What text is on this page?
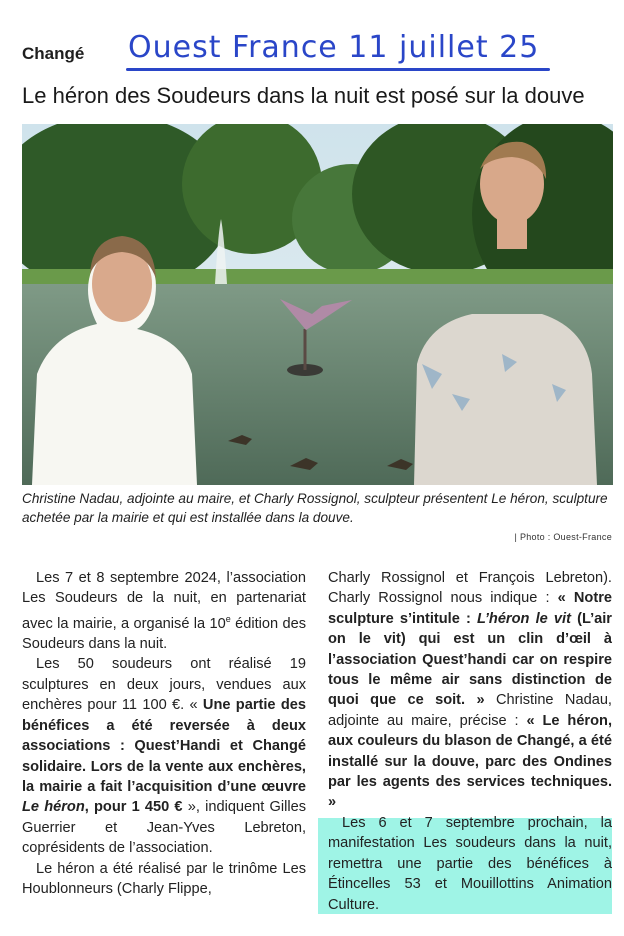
Changé Ouest France 11 juillet 25
Le héron des Soudeurs dans la nuit est posé sur la douve
Christine Nadau, adjointe au maire, et Charly Rossignol, sculpteur présentent Le héron, sculpture achetée par la mairie et qui est installée dans la douve.
| Photo : Ouest-France

Les 7 et 8 septembre 2024, l’association Les Soudeurs de la nuit, en partenariat avec la mairie, a organisé la 10e édition des Soudeurs dans la nuit.

Les 50 soudeurs ont réalisé 19 sculptures en deux jours, vendues aux enchères pour 11 100 €. « Une partie des bénéfices a été reversée à deux associations : Quest’Handi et Changé solidaire. Lors de la vente aux enchères, la mairie a fait l’acquisition d’une œuvre Le héron, pour 1 450 € », indiquent Gilles Guerrier et Jean-Yves Lebreton, coprésidents de l’association.

Le héron a été réalisé par le trinôme Les Houblonneurs (Charly Flippe,

Charly Rossignol et François Lebreton). Charly Rossignol nous indique : « Notre sculpture s’intitule : L’héron le vit (L’air on le vit) qui est un clin d’œil à l’association Quest’handi car on respire tous le même air sans distinction de quoi que ce soit. » Christine Nadau, adjointe au maire, précise : « Le héron, aux couleurs du blason de Changé, a été installé sur la douve, parc des Ondines par les agents des services techniques. »

Les 6 et 7 septembre prochain, la manifestation Les soudeurs dans la nuit, remettra une partie des bénéfices à Étincelles 53 et Mouillottins Animation Culture.
